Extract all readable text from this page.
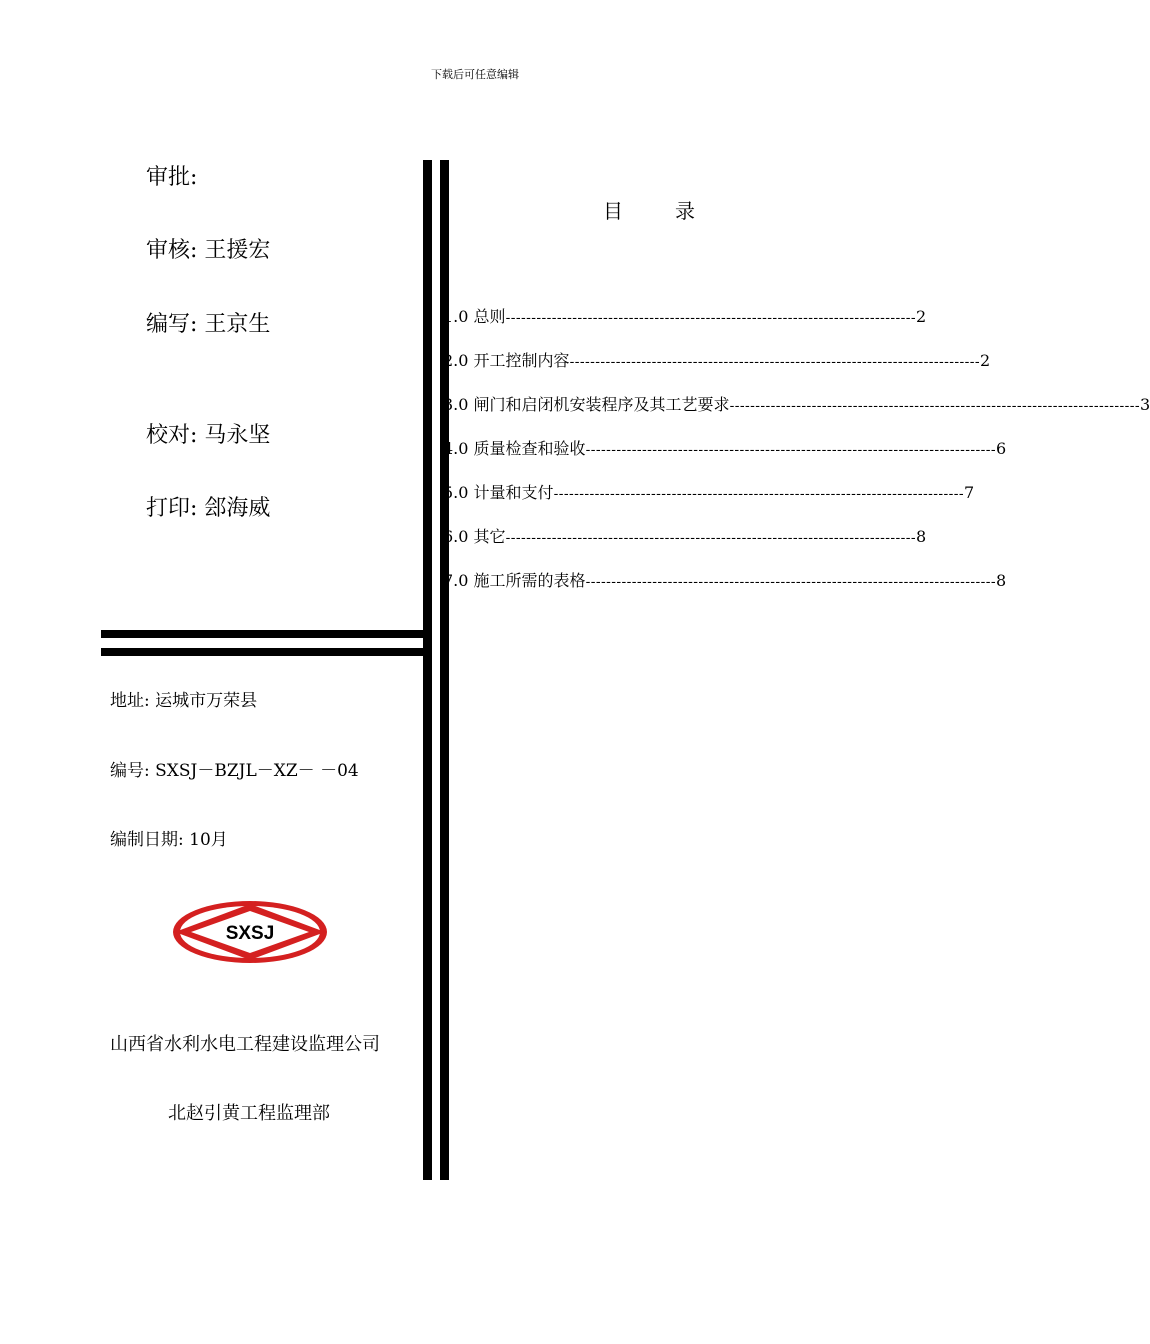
下载后可任意编辑
审批:
审核: 王援宏
编写: 王京生
校对: 马永坚
打印: 郐海威
目	录
1.0 总则 -------------------------------------------------------------------------------- 2
2.0 开工控制内容 -------------------------------------------------------------------------------- 2
3.0 闸门和启闭机安装程序及其工艺要求 -------------------------------------------------------------------------------- 3
4.0 质量检查和验收 -------------------------------------------------------------------------------- 6
5.0 计量和支付 -------------------------------------------------------------------------------- 7
6.0 其它 -------------------------------------------------------------------------------- 8
7.0 施工所需的表格 -------------------------------------------------------------------------------- 8
地址: 运城市万荣县
编号: SXSJ－BZJL－XZ－ －04
编制日期: 10月
SXSJ
山西省水利水电工程建设监理公司
北赵引黄工程监理部
